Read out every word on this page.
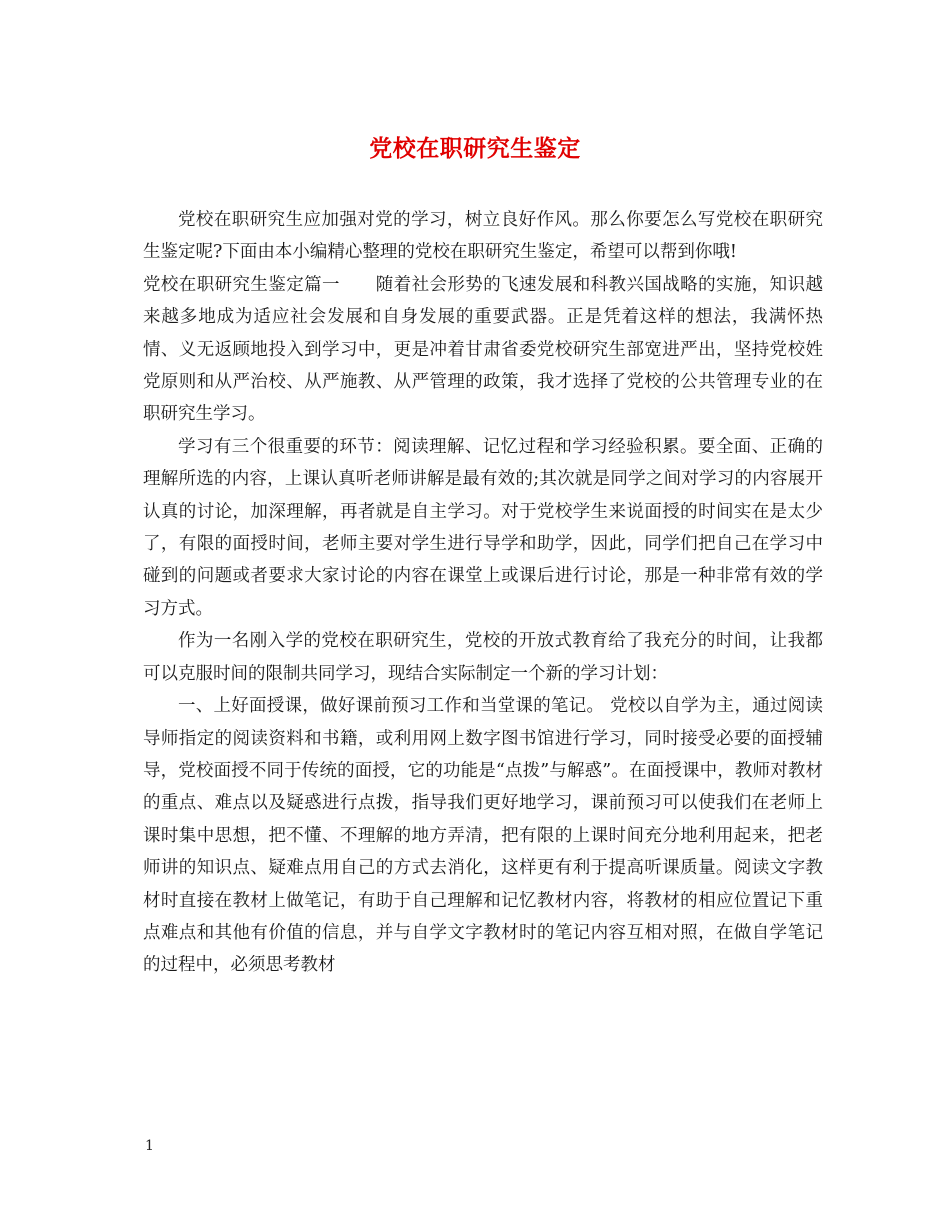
党校在职研究生鉴定

党校在职研究生应加强对党的学习，树立良好作风。那么你要怎么写党校在职研究生鉴定呢?下面由本小编精心整理的党校在职研究生鉴定，希望可以帮到你哦!

党校在职研究生鉴定篇一　　随着社会形势的飞速发展和科教兴国战略的实施，知识越来越多地成为适应社会发展和自身发展的重要武器。正是凭着这样的想法，我满怀热情、义无返顾地投入到学习中，更是冲着甘肃省委党校研究生部宽进严出，坚持党校姓党原则和从严治校、从严施教、从严管理的政策，我才选择了党校的公共管理专业的在职研究生学习。

学习有三个很重要的环节：阅读理解、记忆过程和学习经验积累。要全面、正确的理解所选的内容，上课认真听老师讲解是最有效的;其次就是同学之间对学习的内容展开认真的讨论，加深理解，再者就是自主学习。对于党校学生来说面授的时间实在是太少了，有限的面授时间，老师主要对学生进行导学和助学，因此，同学们把自己在学习中碰到的问题或者要求大家讨论的内容在课堂上或课后进行讨论，那是一种非常有效的学习方式。

作为一名刚入学的党校在职研究生，党校的开放式教育给了我充分的时间，让我都可以克服时间的限制共同学习，现结合实际制定一个新的学习计划：

一、上好面授课，做好课前预习工作和当堂课的笔记。 党校以自学为主，通过阅读导师指定的阅读资料和书籍，或利用网上数字图书馆进行学习，同时接受必要的面授辅导，党校面授不同于传统的面授，它的功能是“点拨”与解惑”。在面授课中，教师对教材的重点、难点以及疑惑进行点拨，指导我们更好地学习，课前预习可以使我们在老师上课时集中思想，把不懂、不理解的地方弄清，把有限的上课时间充分地利用起来，把老师讲的知识点、疑难点用自己的方式去消化，这样更有利于提高听课质量。阅读文字教材时直接在教材上做笔记，有助于自己理解和记忆教材内容，将教材的相应位置记下重点难点和其他有价值的信息，并与自学文字教材时的笔记内容互相对照，在做自学笔记的过程中，必须思考教材

1
